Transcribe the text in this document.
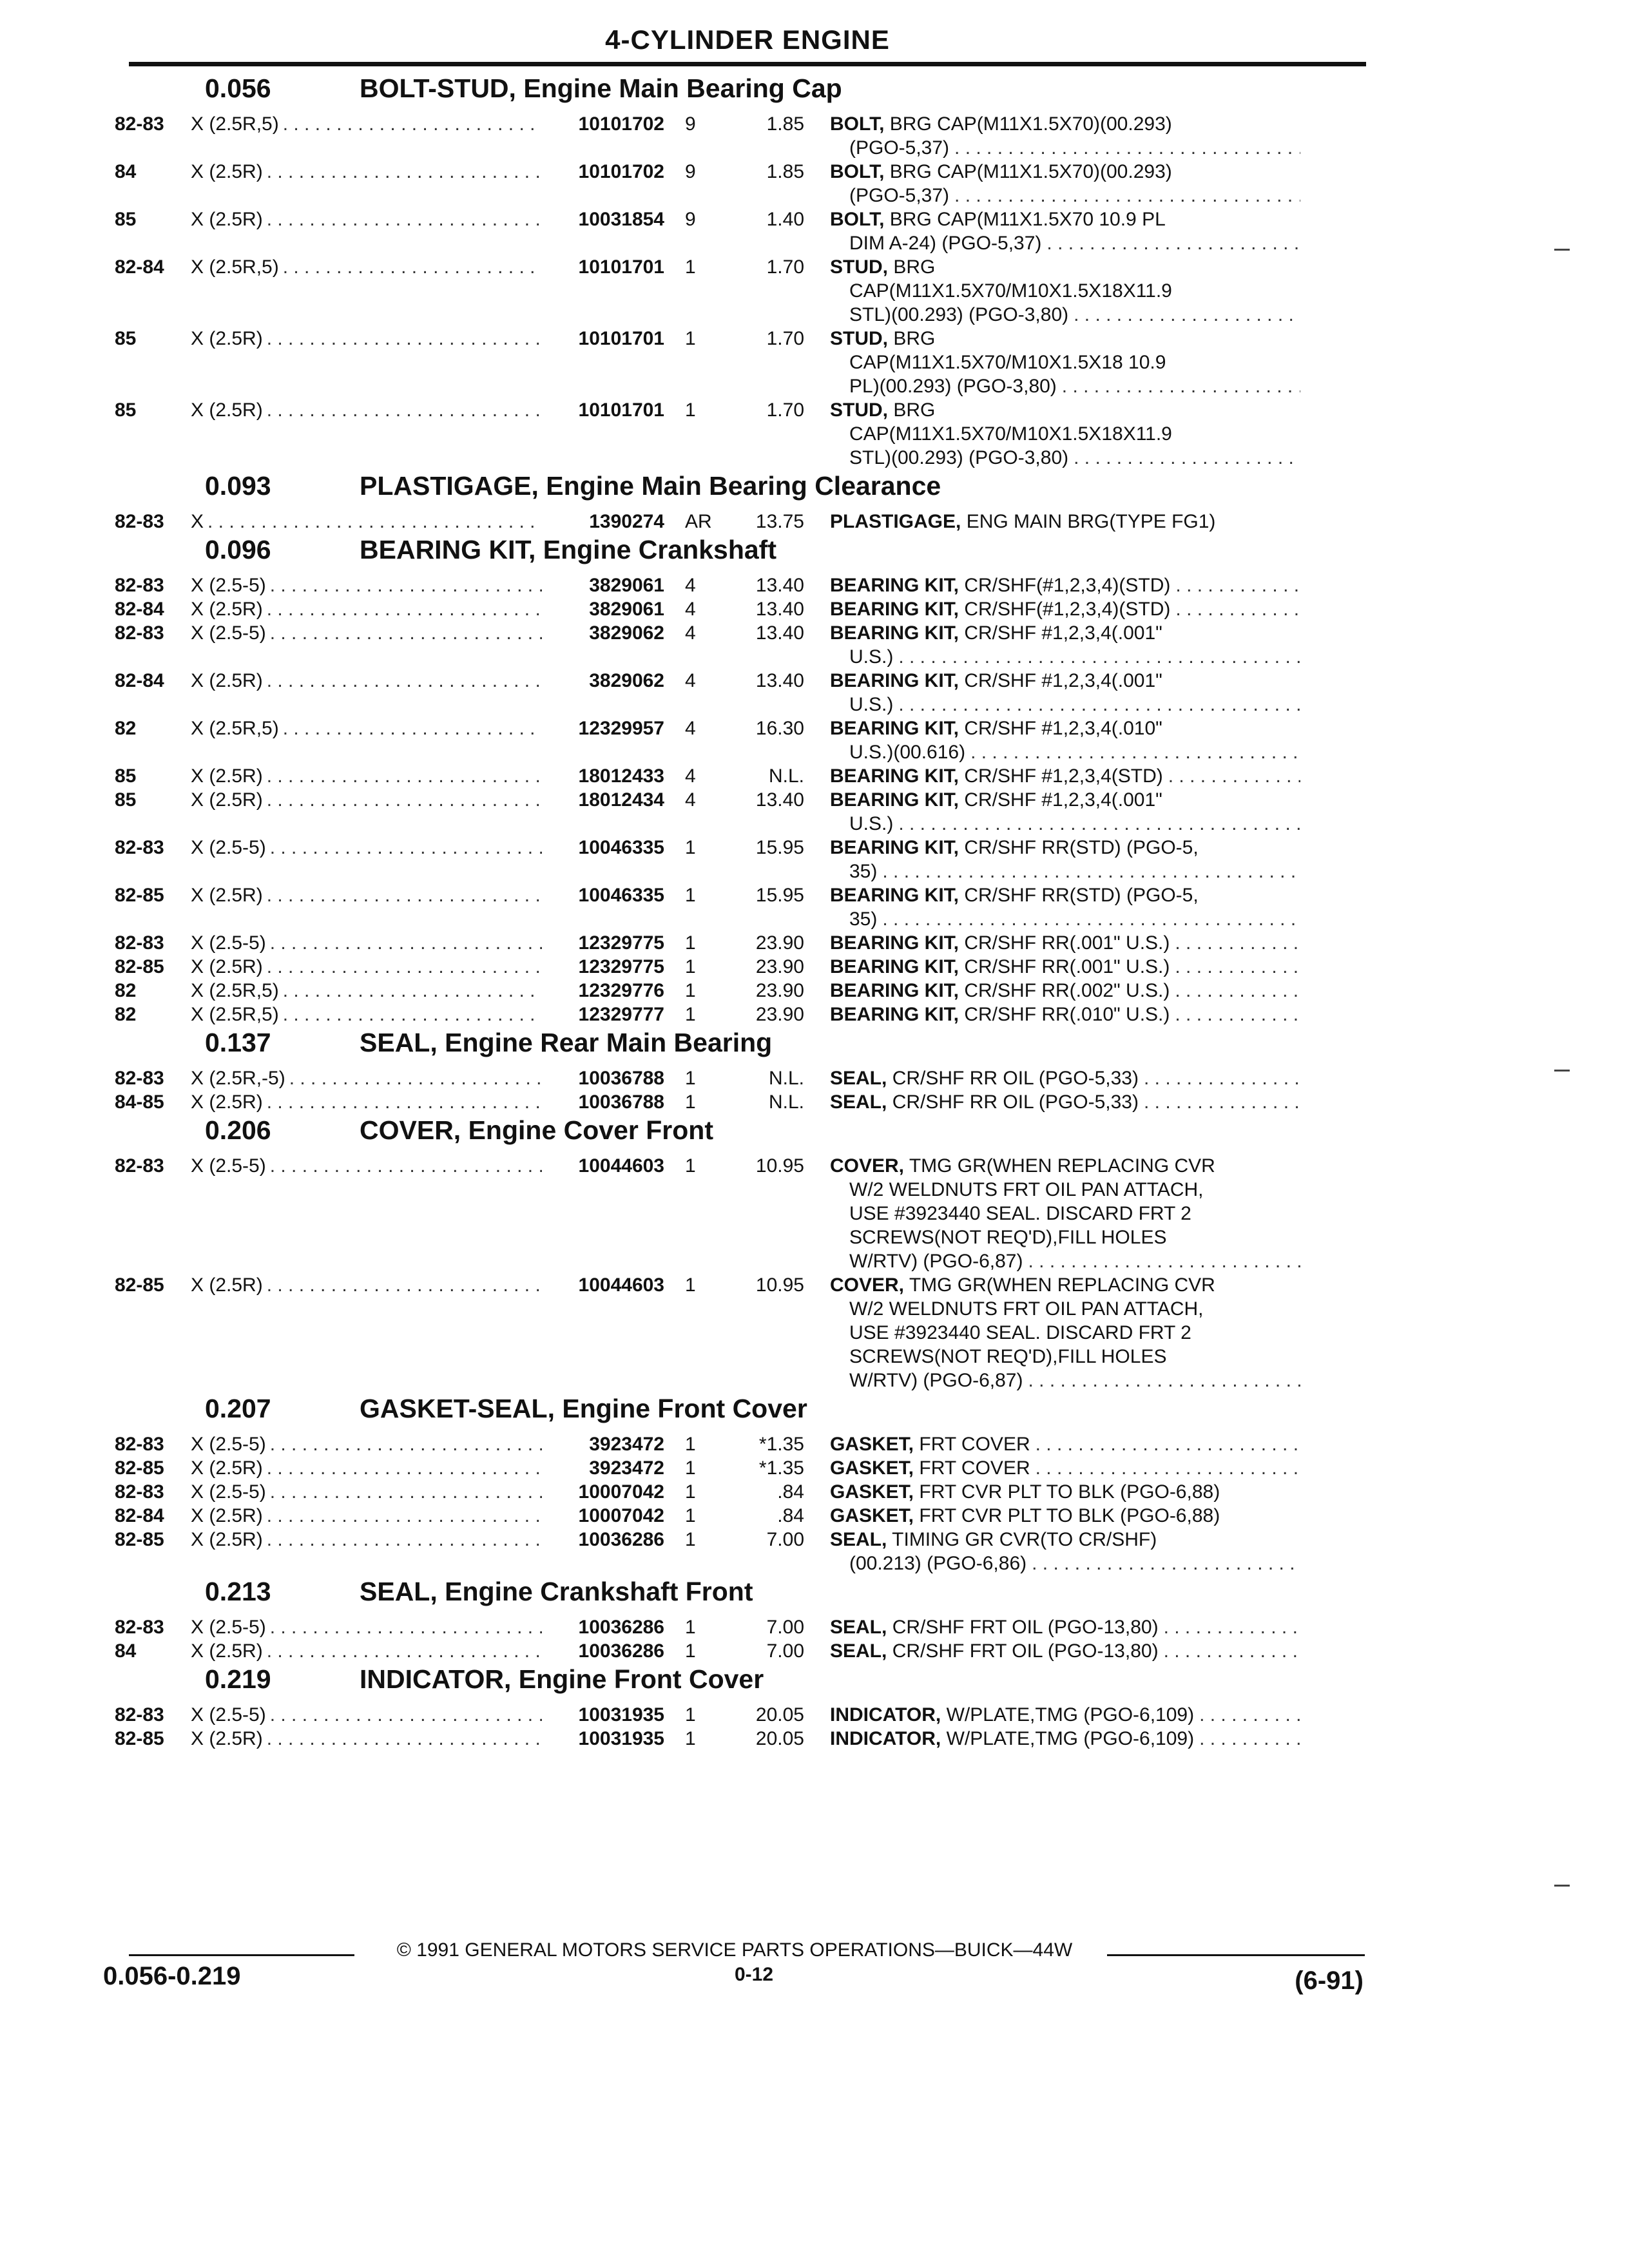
4-CYLINDER ENGINE
0.056	BOLT-STUD, Engine Main Bearing Cap
82-83	X (2.5R,5) . . .	10101702	9	1.85	BOLT, BRG CAP(M11X1.5X70)(00.293)
(PGO-5,37)
. . .
84	X (2.5R) . . .	10101702	9	1.85	BOLT, BRG CAP(M11X1.5X70)(00.293)
(PGO-5,37)
. . .
85	X (2.5R) . . .	10031854	9	1.40	BOLT, BRG CAP(M11X1.5X70 10.9 PL
DIM A-24) (PGO-5,37)
. . .
82-84	X (2.5R,5) . . .	10101701	1	1.70	STUD, BRG
CAP(M11X1.5X70/M10X1.5X18X11.9
STL)(00.293) (PGO-3,80)
. . .
85	X (2.5R) . . .	10101701	1	1.70	STUD, BRG
CAP(M11X1.5X70/M10X1.5X18 10.9
PL)(00.293) (PGO-3,80)
. . .
85	X (2.5R) . . .	10101701	1	1.70	STUD, BRG
CAP(M11X1.5X70/M10X1.5X18X11.9
STL)(00.293) (PGO-3,80)
. . .
0.093	PLASTIGAGE, Engine Main Bearing Clearance
82-83	X . . .	1390274	AR	13.75	PLASTIGAGE, ENG MAIN BRG(TYPE FG1)
0.096	BEARING KIT, Engine Crankshaft
82-83	X (2.5-5) . . .	3829061	4	13.40	BEARING KIT, CR/SHF(#1,2,3,4)(STD)
. . .
82-84	X (2.5R) . . .	3829061	4	13.40	BEARING KIT, CR/SHF(#1,2,3,4)(STD)
. . .
82-83	X (2.5-5) . . .	3829062	4	13.40	BEARING KIT, CR/SHF #1,2,3,4(.001"
U.S.)
. . .
82-84	X (2.5R) . . .	3829062	4	13.40	BEARING KIT, CR/SHF #1,2,3,4(.001"
U.S.)
. . .
82	X (2.5R,5) . . .	12329957	4	16.30	BEARING KIT, CR/SHF #1,2,3,4(.010"
U.S.)(00.616)
. . .
85	X (2.5R) . . .	18012433	4	N.L.	BEARING KIT, CR/SHF #1,2,3,4(STD)
. . .
85	X (2.5R) . . .	18012434	4	13.40	BEARING KIT, CR/SHF #1,2,3,4(.001"
U.S.)
. . .
82-83	X (2.5-5) . . .	10046335	1	15.95	BEARING KIT, CR/SHF RR(STD) (PGO-5,
35)
. . .
82-85	X (2.5R) . . .	10046335	1	15.95	BEARING KIT, CR/SHF RR(STD) (PGO-5,
35)
. . .
82-83	X (2.5-5) . . .	12329775	1	23.90	BEARING KIT, CR/SHF RR(.001" U.S.)
. . .
82-85	X (2.5R) . . .	12329775	1	23.90	BEARING KIT, CR/SHF RR(.001" U.S.)
. . .
82	X (2.5R,5) . . .	12329776	1	23.90	BEARING KIT, CR/SHF RR(.002" U.S.)
. . .
82	X (2.5R,5) . . .	12329777	1	23.90	BEARING KIT, CR/SHF RR(.010" U.S.)
. . .
0.137	SEAL, Engine Rear Main Bearing
82-83	X (2.5R,-5) . . .	10036788	1	N.L.	SEAL, CR/SHF RR OIL (PGO-5,33)
. . .
84-85	X (2.5R) . . .	10036788	1	N.L.	SEAL, CR/SHF RR OIL (PGO-5,33)
. . .
0.206	COVER, Engine Cover Front
82-83	X (2.5-5) . . .	10044603	1	10.95	COVER, TMG GR(WHEN REPLACING CVR
W/2 WELDNUTS FRT OIL PAN ATTACH,
USE #3923440 SEAL. DISCARD FRT 2
SCREWS(NOT REQ'D),FILL HOLES
W/RTV) (PGO-6,87)
. . .
82-85	X (2.5R) . . .	10044603	1	10.95	COVER, TMG GR(WHEN REPLACING CVR
W/2 WELDNUTS FRT OIL PAN ATTACH,
USE #3923440 SEAL. DISCARD FRT 2
SCREWS(NOT REQ'D),FILL HOLES
W/RTV) (PGO-6,87)
. . .
0.207	GASKET-SEAL, Engine Front Cover
82-83	X (2.5-5) . . .	3923472	1	*1.35	GASKET, FRT COVER
. . .
82-85	X (2.5R) . . .	3923472	1	*1.35	GASKET, FRT COVER
. . .
82-83	X (2.5-5) . . .	10007042	1	.84	GASKET, FRT CVR PLT TO BLK (PGO-6,88)
82-84	X (2.5R) . . .	10007042	1	.84	GASKET, FRT CVR PLT TO BLK (PGO-6,88)
82-85	X (2.5R) . . .	10036286	1	7.00	SEAL, TIMING GR CVR(TO CR/SHF)
(00.213) (PGO-6,86)
. . .
0.213	SEAL, Engine Crankshaft Front
82-83	X (2.5-5) . . .	10036286	1	7.00	SEAL, CR/SHF FRT OIL (PGO-13,80)
. . .
84	X (2.5R) . . .	10036286	1	7.00	SEAL, CR/SHF FRT OIL (PGO-13,80)
. . .
0.219	INDICATOR, Engine Front Cover
82-83	X (2.5-5) . . .	10031935	1	20.05	INDICATOR, W/PLATE,TMG (PGO-6,109)
. . .
82-85	X (2.5R) . . .	10031935	1	20.05	INDICATOR, W/PLATE,TMG (PGO-6,109)
. . .
© 1991 GENERAL MOTORS SERVICE PARTS OPERATIONS—BUICK—44W
0.056-0.219	0-12	(6-91)
